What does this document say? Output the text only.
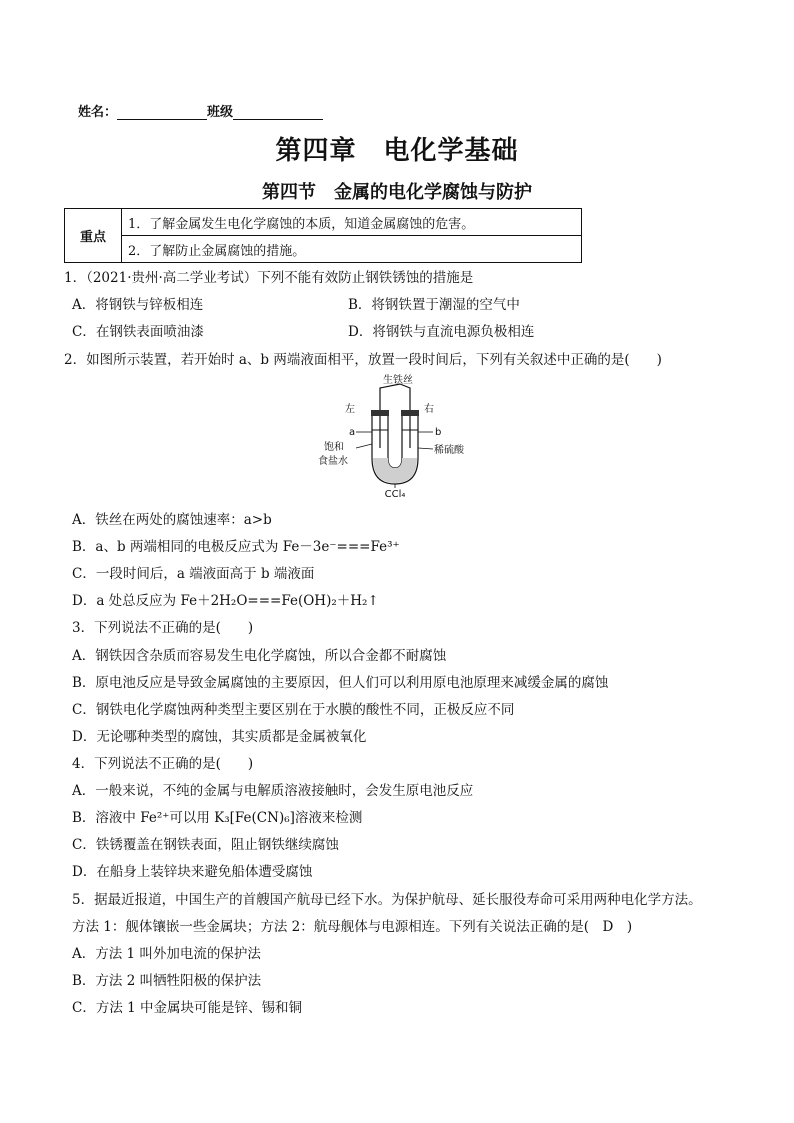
姓名：	班级
第四章　电化学基础
第四节　金属的电化学腐蚀与防护
重点	1．了解金属发生电化学腐蚀的本质，知道金属腐蚀的危害。
2．了解防止金属腐蚀的措施。
1．（2021·贵州·高二学业考试）下列不能有效防止钢铁锈蚀的措施是
A．将钢铁与锌板相连	B．将钢铁置于潮湿的空气中
C．在钢铁表面喷油漆	D．将钢铁与直流电源负极相连
2．如图所示装置，若开始时 a、b 两端液面相平，放置一段时间后，下列有关叙述中正确的是(　　)
生铁丝
左	右
a	b
饱和
食盐水
稀硫酸
CCl₄
A．铁丝在两处的腐蚀速率：a>b
B．a、b 两端相同的电极反应式为 Fe－3e⁻===Fe³⁺
C．一段时间后，a 端液面高于 b 端液面
D．a 处总反应为 Fe＋2H₂O===Fe(OH)₂＋H₂↑
3．下列说法不正确的是(　　)
A．钢铁因含杂质而容易发生电化学腐蚀，所以合金都不耐腐蚀
B．原电池反应是导致金属腐蚀的主要原因，但人们可以利用原电池原理来减缓金属的腐蚀
C．钢铁电化学腐蚀两种类型主要区别在于水膜的酸性不同，正极反应不同
D．无论哪种类型的腐蚀，其实质都是金属被氧化
4．下列说法不正确的是(　　)
A．一般来说，不纯的金属与电解质溶液接触时，会发生原电池反应
B．溶液中 Fe²⁺可以用 K₃[Fe(CN)₆]溶液来检测
C．铁锈覆盖在钢铁表面，阻止钢铁继续腐蚀
D．在船身上装锌块来避免船体遭受腐蚀
5．据最近报道，中国生产的首艘国产航母已经下水。为保护航母、延长服役寿命可采用两种电化学方法。
方法 1：舰体镶嵌一些金属块；方法 2：航母舰体与电源相连。下列有关说法正确的是(　D　)
A．方法 1 叫外加电流的保护法
B．方法 2 叫牺牲阳极的保护法
C．方法 1 中金属块可能是锌、锡和铜
